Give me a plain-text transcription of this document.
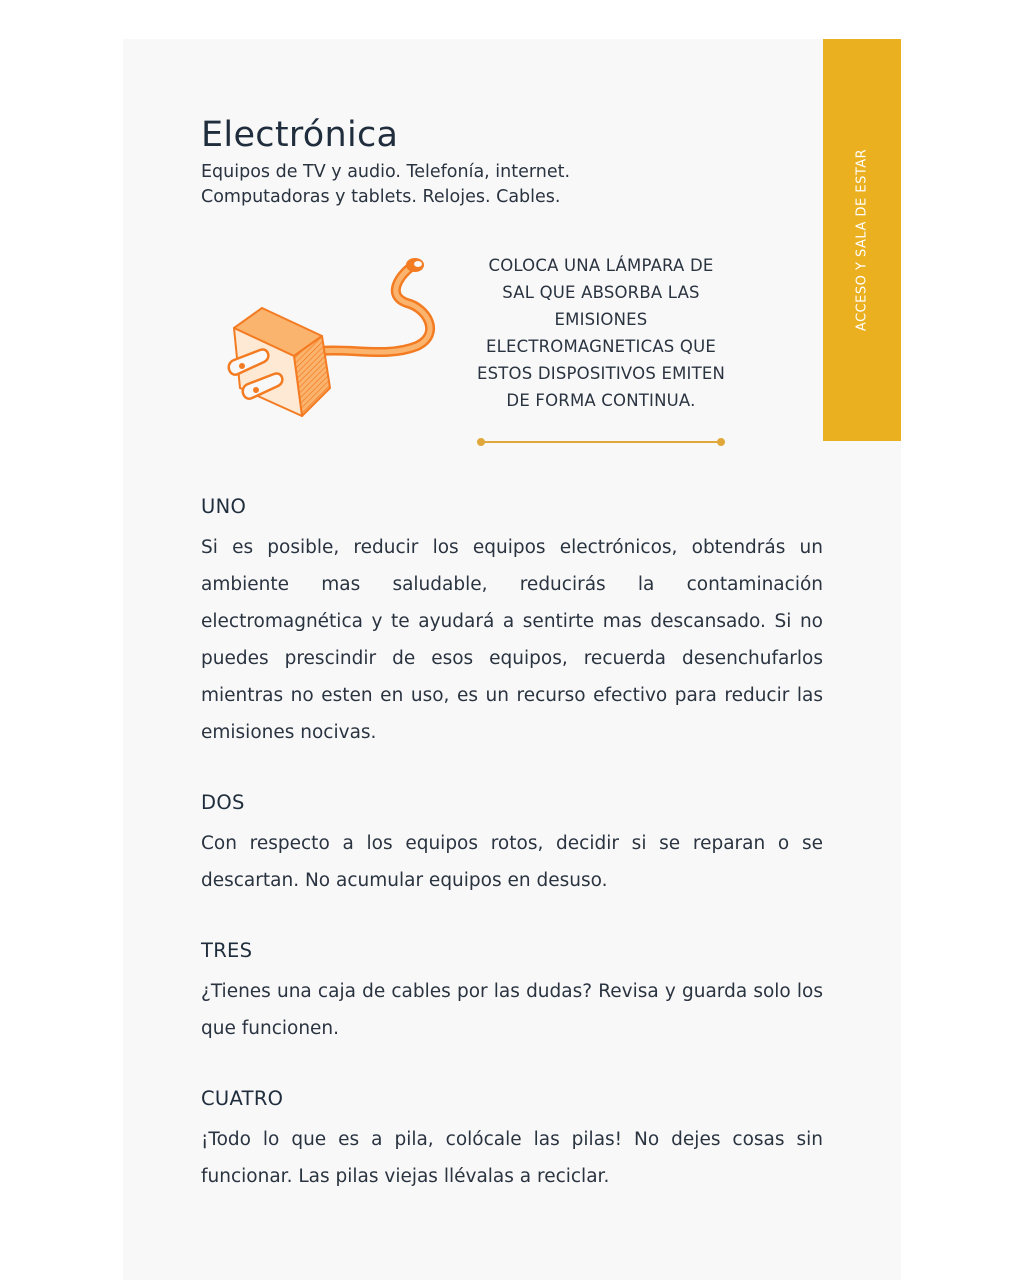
ACCESO Y SALA DE ESTAR
Electrónica
Equipos de TV y audio. Telefonía, internet.
Computadoras y tablets. Relojes. Cables.
COLOCA UNA LÁMPARA DE
SAL QUE ABSORBA LAS
EMISIONES
ELECTROMAGNETICAS QUE
ESTOS DISPOSITIVOS EMITEN
DE FORMA CONTINUA.
UNO
Si es posible, reducir los equipos electrónicos, obtendrás un ambiente mas saludable, reducirás la contaminación electromagnética y te ayudará a sentirte mas descansado. Si no puedes prescindir de esos equipos, recuerda desenchufarlos mientras no esten en uso, es un recurso efectivo para reducir las emisiones nocivas.
DOS
Con respecto a los equipos rotos, decidir si se reparan o se descartan. No acumular equipos en desuso.
TRES
¿Tienes una caja de cables por las dudas? Revisa y guarda solo los que funcionen.
CUATRO
¡Todo lo que es a pila, colócale las pilas! No dejes cosas sin funcionar. Las pilas viejas llévalas a reciclar.
